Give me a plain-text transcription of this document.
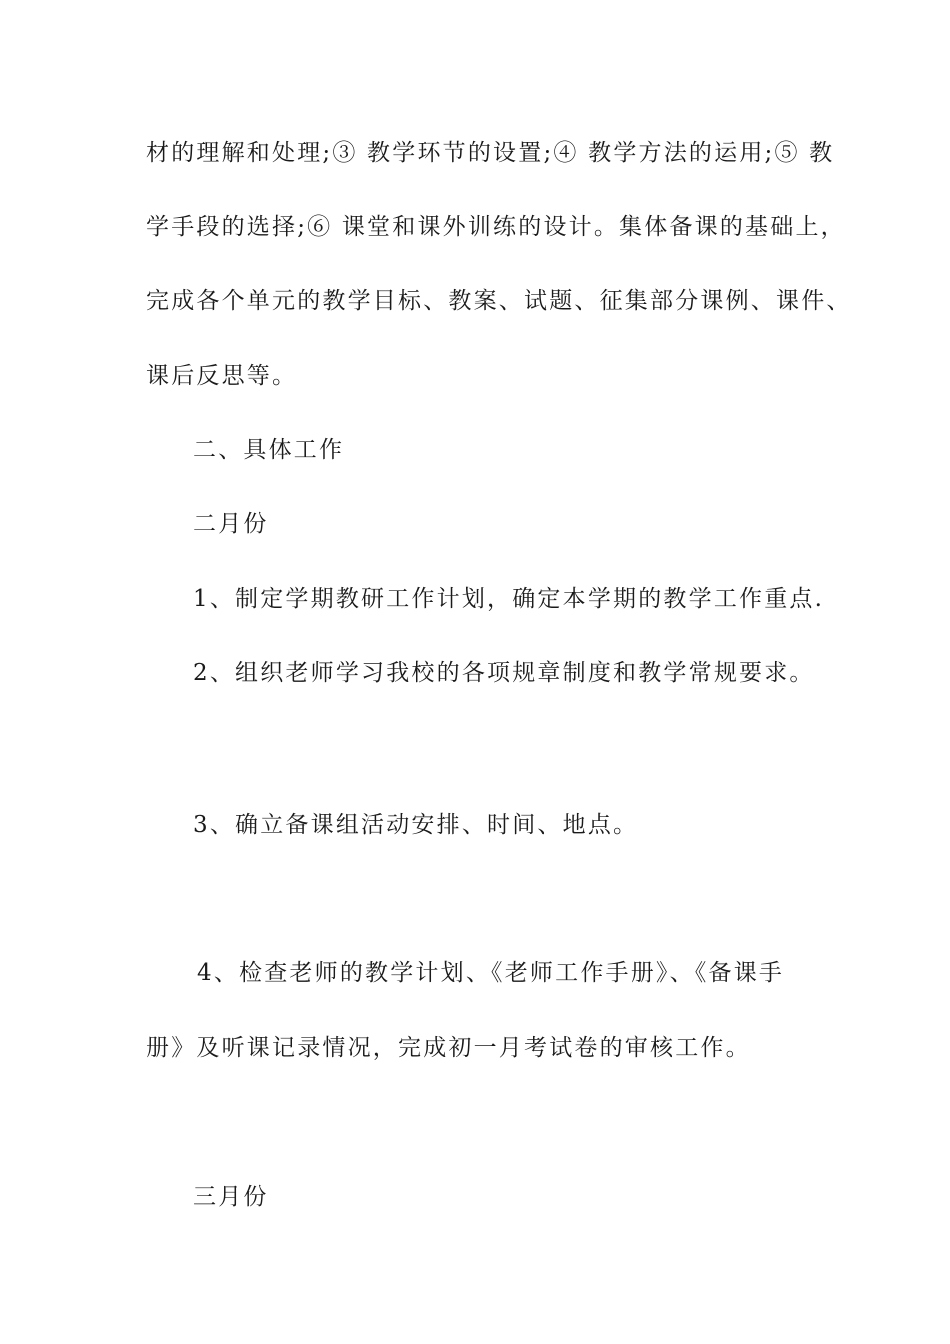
材的理解和处理;③ 教学环节的设置;④ 教学方法的运用;⑤ 教
学手段的选择;⑥ 课堂和课外训练的设计。集体备课的基础上，
完成各个单元的教学目标、教案、试题、征集部分课例、课件、
课后反思等。
二、具体工作
二月份
1、制定学期教研工作计划，确定本学期的教学工作重点.
2、组织老师学习我校的各项规章制度和教学常规要求。
3、确立备课组活动安排、时间、地点。
4、检查老师的教学计划、《老师工作手册》、《备课手
册》及听课记录情况，完成初一月考试卷的审核工作。
三月份
